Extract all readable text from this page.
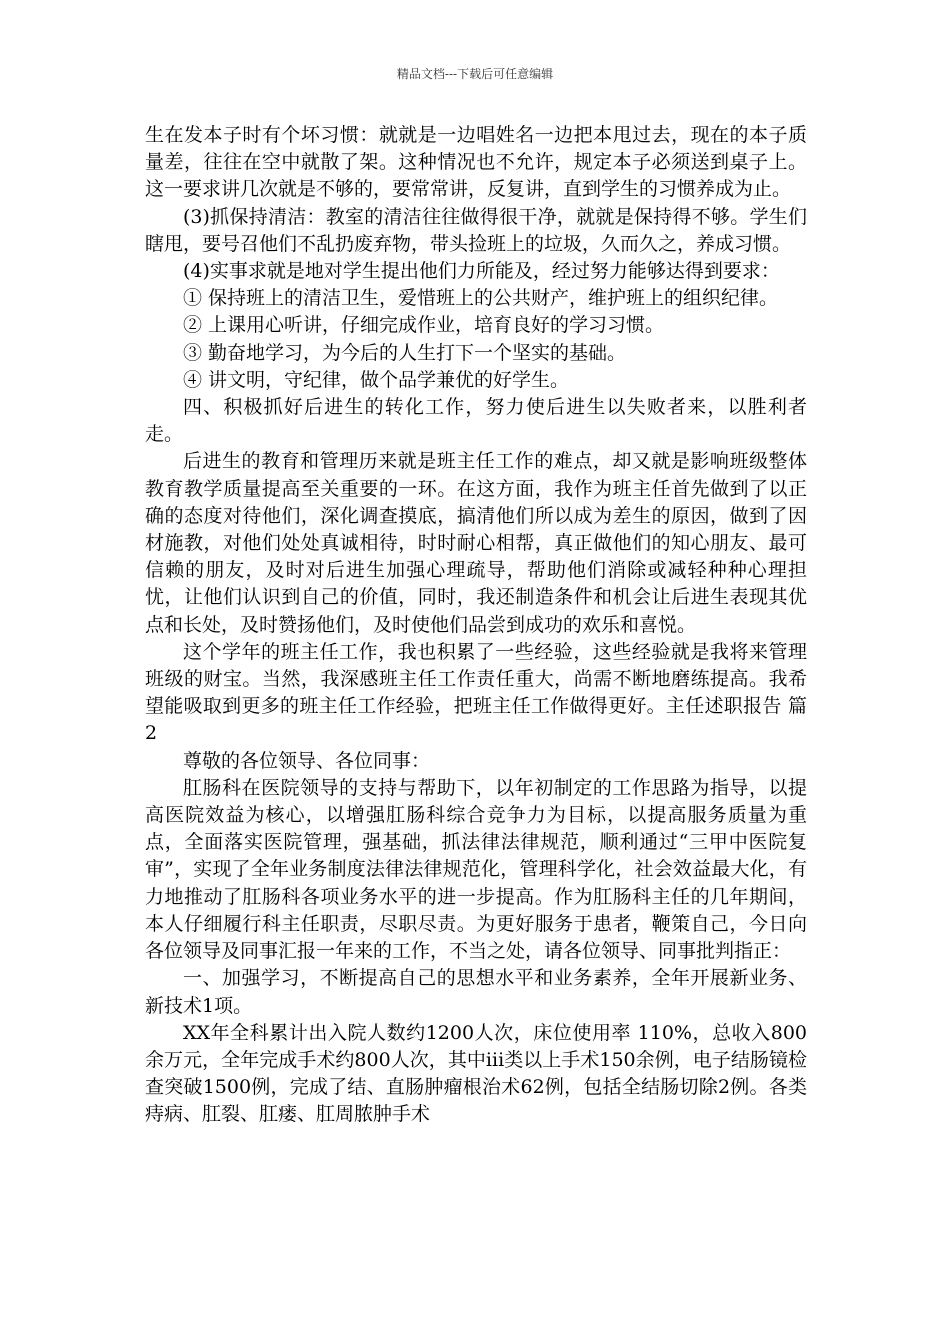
精品文档---下载后可任意编辑

生在发本子时有个坏习惯：就就是一边唱姓名一边把本甩过去，现在的本子质量差，往往在空中就散了架。这种情况也不允许，规定本子必须送到桌子上。这一要求讲几次就是不够的，要常常讲，反复讲，直到学生的习惯养成为止。

(3)抓保持清洁：教室的清洁往往做得很干净，就就是保持得不够。学生们瞎甩，要号召他们不乱扔废弃物，带头捡班上的垃圾，久而久之，养成习惯。

(4)实事求就是地对学生提出他们力所能及，经过努力能够达得到要求：

① 保持班上的清洁卫生，爱惜班上的公共财产，维护班上的组织纪律。

② 上课用心听讲，仔细完成作业，培育良好的学习习惯。

③ 勤奋地学习，为今后的人生打下一个坚实的基础。

④ 讲文明，守纪律，做个品学兼优的好学生。

四、积极抓好后进生的转化工作，努力使后进生以失败者来，以胜利者走。

后进生的教育和管理历来就是班主任工作的难点，却又就是影响班级整体教育教学质量提高至关重要的一环。在这方面，我作为班主任首先做到了以正确的态度对待他们，深化调查摸底，搞清他们所以成为差生的原因，做到了因材施教，对他们处处真诚相待，时时耐心相帮，真正做他们的知心朋友、最可信赖的朋友，及时对后进生加强心理疏导，帮助他们消除或减轻种种心理担忧，让他们认识到自己的价值，同时，我还制造条件和机会让后进生表现其优点和长处，及时赞扬他们，及时使他们品尝到成功的欢乐和喜悦。

这个学年的班主任工作，我也积累了一些经验，这些经验就是我将来管理班级的财宝。当然，我深感班主任工作责任重大，尚需不断地磨练提高。我希望能吸取到更多的班主任工作经验，把班主任工作做得更好。主任述职报告 篇2

尊敬的各位领导、各位同事：

肛肠科在医院领导的支持与帮助下，以年初制定的工作思路为指导，以提高医院效益为核心，以增强肛肠科综合竞争力为目标，以提高服务质量为重点，全面落实医院管理，强基础，抓法律法律规范，顺利通过“三甲中医院复审”，实现了全年业务制度法律法律规范化，管理科学化，社会效益最大化，有力地推动了肛肠科各项业务水平的进一步提高。作为肛肠科主任的几年期间，本人仔细履行科主任职责，尽职尽责。为更好服务于患者，鞭策自己，今日向各位领导及同事汇报一年来的工作，不当之处，请各位领导、同事批判指正：

一、加强学习，不断提高自己的思想水平和业务素养，全年开展新业务、新技术1项。

XX年全科累计出入院人数约1200人次，床位使用率 110%，总收入800余万元，全年完成手术约800人次，其中iii类以上手术150余例，电子结肠镜检查突破1500例，完成了结、直肠肿瘤根治术62例，包括全结肠切除2例。各类痔病、肛裂、肛瘘、肛周脓肿手术
